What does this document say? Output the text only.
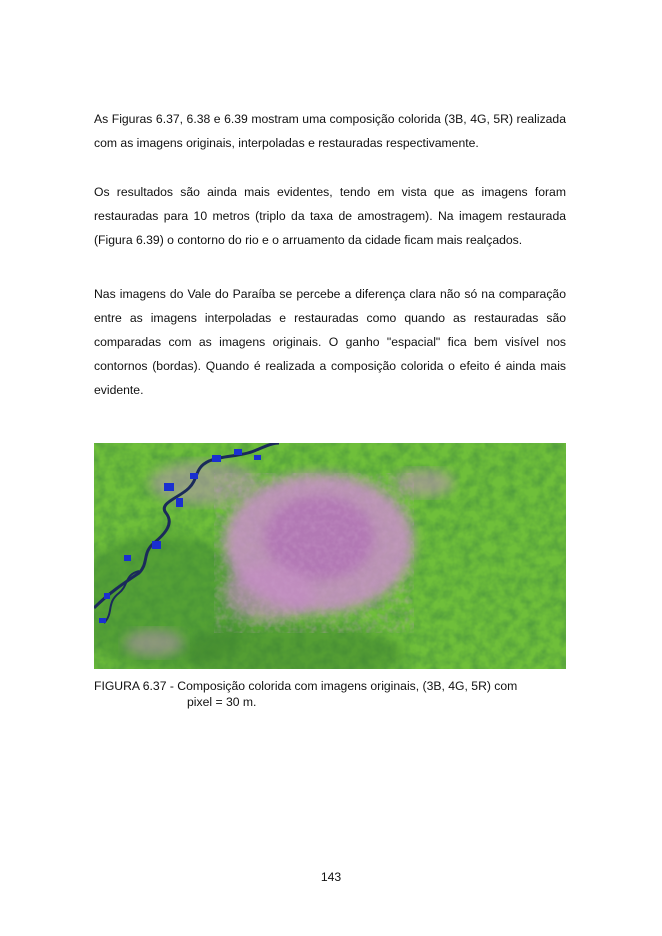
As Figuras 6.37, 6.38 e 6.39 mostram uma composição colorida (3B, 4G, 5R) realizada com as imagens originais, interpoladas e restauradas respectivamente.

Os resultados são ainda mais evidentes, tendo em vista que as imagens foram restauradas para 10 metros (triplo da taxa de amostragem). Na imagem restaurada (Figura 6.39) o contorno do rio e o arruamento da cidade ficam mais realçados.

Nas imagens do Vale do Paraíba se percebe a diferença clara não só na comparação entre as imagens interpoladas e restauradas como quando as restauradas são comparadas com as imagens originais. O ganho "espacial" fica bem visível nos contornos (bordas). Quando é realizada a composição colorida o efeito é ainda mais evidente.

FIGURA 6.37 - Composição colorida com imagens originais, (3B, 4G, 5R) com
pixel = 30 m.

143
